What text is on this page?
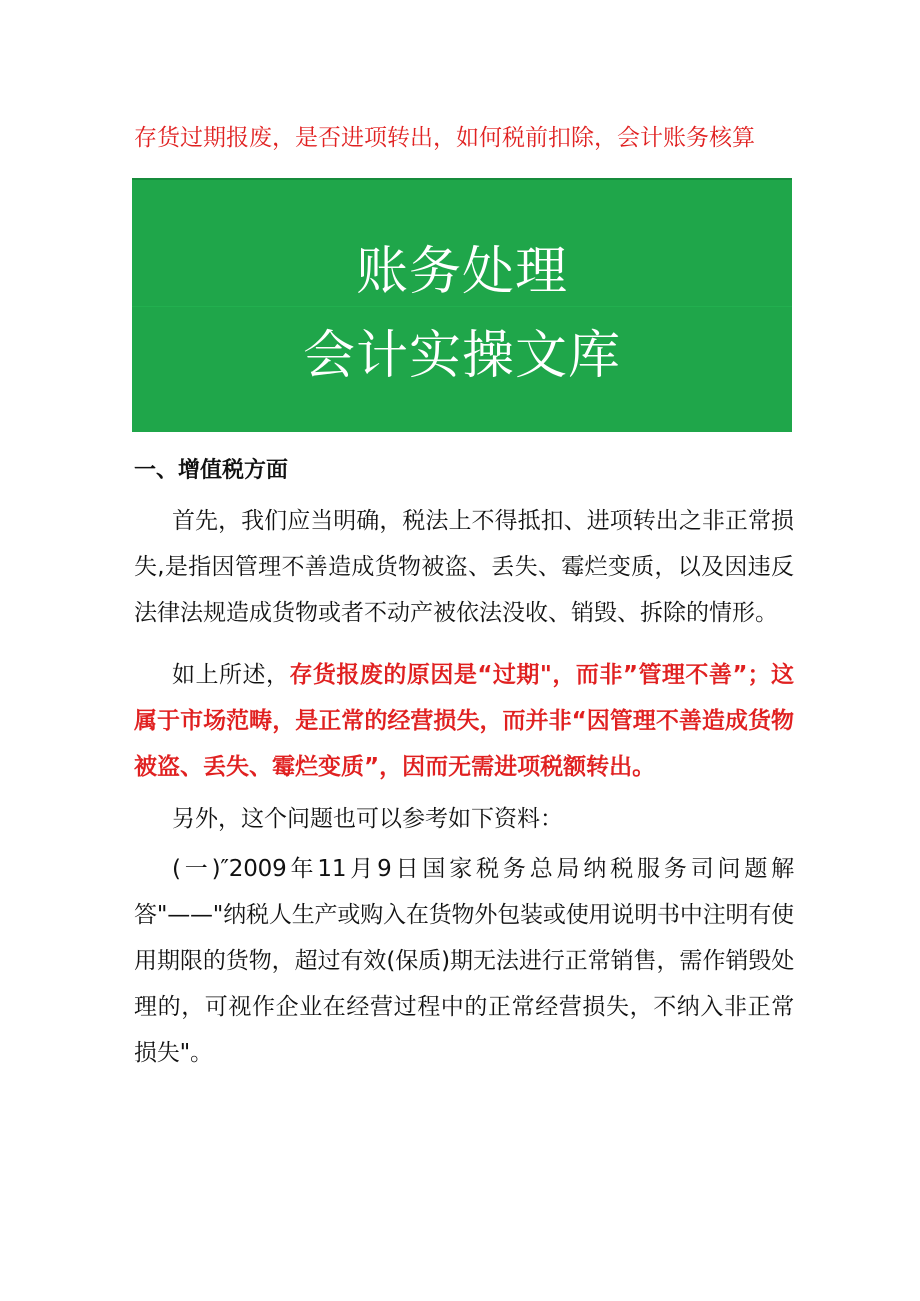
存货过期报废，是否进项转出，如何税前扣除，会计账务核算
账务处理
会计实操文库
一、增值税方面
首先，我们应当明确，税法上不得抵扣、进项转出之非正常损失,是指因管理不善造成货物被盗、丢失、霉烂变质，以及因违反法律法规造成货物或者不动产被依法没收、销毁、拆除的情形。
如上所述，存货报废的原因是“过期"，而非”管理不善”；这属于市场范畴，是正常的经营损失，而并非“因管理不善造成货物被盗、丢失、霉烂变质”，因而无需进项税额转出。
另外，这个问题也可以参考如下资料：
(一)″2009年11月9日国家税务总局纳税服务司问题解答"——"纳税人生产或购入在货物外包装或使用说明书中注明有使用期限的货物，超过有效(保质)期无法进行正常销售，需作销毁处理的，可视作企业在经营过程中的正常经营损失，不纳入非正常损失"。
